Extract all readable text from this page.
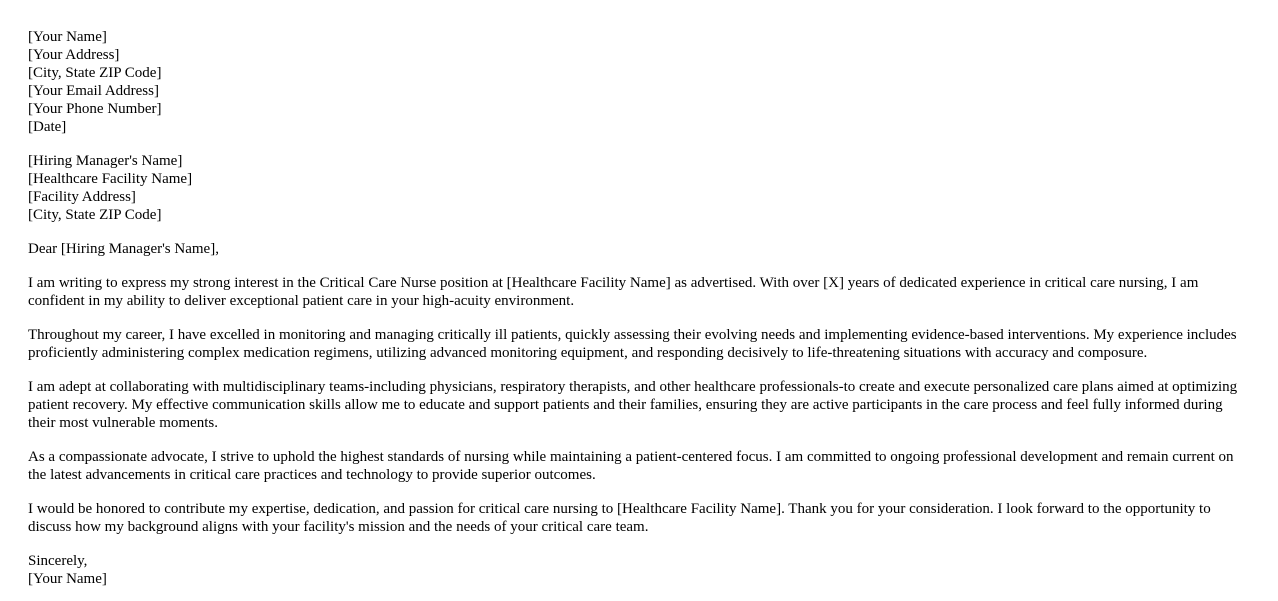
[Your Name]
[Your Address]
[City, State ZIP Code]
[Your Email Address]
[Your Phone Number]
[Date]
[Hiring Manager's Name]
[Healthcare Facility Name]
[Facility Address]
[City, State ZIP Code]
Dear [Hiring Manager's Name],

I am writing to express my strong interest in the Critical Care Nurse position at [Healthcare Facility Name] as advertised. With over [X] years of dedicated experience in critical care nursing, I am confident in my ability to deliver exceptional patient care in your high-acuity environment.

Throughout my career, I have excelled in monitoring and managing critically ill patients, quickly assessing their evolving needs and implementing evidence-based interventions. My experience includes proficiently administering complex medication regimens, utilizing advanced monitoring equipment, and responding decisively to life-threatening situations with accuracy and composure.

I am adept at collaborating with multidisciplinary teams-including physicians, respiratory therapists, and other healthcare professionals-to create and execute personalized care plans aimed at optimizing patient recovery. My effective communication skills allow me to educate and support patients and their families, ensuring they are active participants in the care process and feel fully informed during their most vulnerable moments.

As a compassionate advocate, I strive to uphold the highest standards of nursing while maintaining a patient-centered focus. I am committed to ongoing professional development and remain current on the latest advancements in critical care practices and technology to provide superior outcomes.

I would be honored to contribute my expertise, dedication, and passion for critical care nursing to [Healthcare Facility Name]. Thank you for your consideration. I look forward to the opportunity to discuss how my background aligns with your facility's mission and the needs of your critical care team.

Sincerely,
[Your Name]
